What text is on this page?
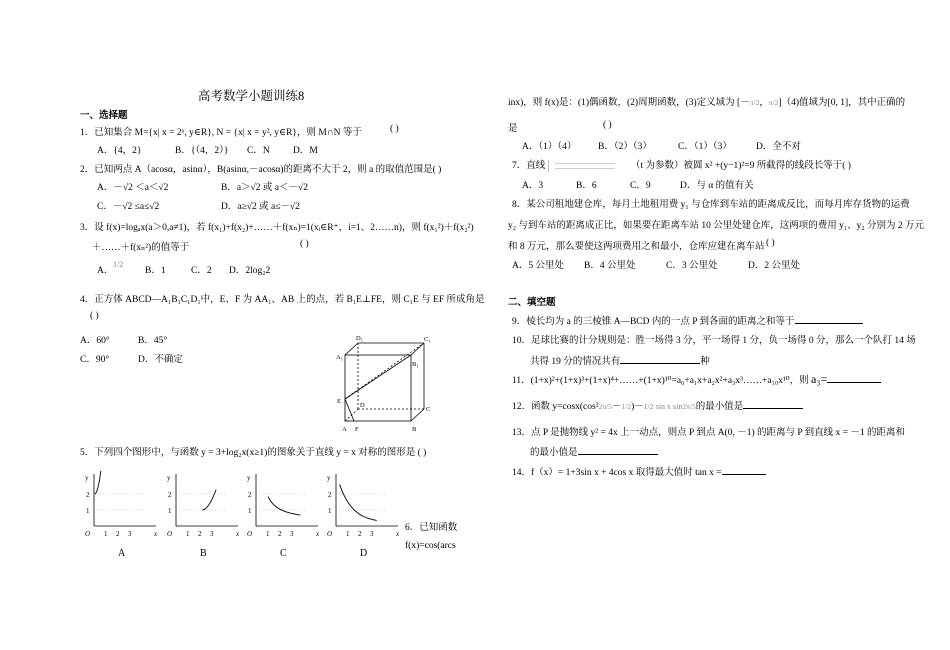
高考数学小题训练8
一、选择题
1．已知集合 M={x| x = 2ˣ, y∈R}, N = {x| x = y², y∈R}，则 M∩N 等于	( )
A．{4，2}	B．{（4，2）} C．N D．M
2．已知两点 A（acosα，asinα），B(asinα,－acosα)的距离不大于 2，则 a 的取值范围是( )
A．－√2 ＜a＜√2	B．a＞√2 或 a＜－√2
C．－√2 ≤a≤√2	D．a≥√2 或 a≤－√2
3．设 f(x)=logₐx(a＞0,a≠1)，若 f(x₁)+f(x₂)+……＋f(xₙ)=1(xᵢ∈R⁺，i=1、2……n)，则 f(x₁²)＋f(x₂²)
＋……＋f(xₙ²)的值等于	( )
A．
1/2
B．1	C．2 D．2log₂2
4．正方体 ABCD—A₁B₁C₁D₁中，E、F 为 AA₁、AB 上的点，若 B₁E⊥FE，则 C₁E 与 EF 所成角是
( )
A．60°	B．45°
C．90°	D．不确定
D₁	C₁
A₁
B₁
E
D
C
A F	B
5．下列四个图形中，与函数 y = 3+log₂x(x≥1)的图象关于直线 y = x 对称的图形是 ( )
y
x
O 1 2 3
1
2
A
y
x
O 1 2 3
1
2
B
y
x
O 1 2 3
1
2
C
y
x
O 1 2 3
1
2
D
6．已知函数
f(x)=cos(arcs
inx)，则 f(x)是：(1)偶函数，(2)周期函数，(3)定义域为 [－π/2，π/2]（4)值域为[0, 1]，其中正确的
是	( )
A．（1）（4） B．（2）（3）	C．（1）（3）	D．全不对
7．直线	（t 为参数）被圆 x² +(y−1)²=9 所截得的线段长等于( )
A．3	B．6	C．9	D．与 α 的值有关
8．某公司租地建仓库，每月土地租用费 y₁ 与仓库到车站的距离成反比，而每月库存货物的运费
y₂ 与到车站的距离成正比，如果要在距离车站 10 公里处建仓库，这两项的费用 y₁、y₂ 分别为 2 万元
和 8 万元，那么要使这两项费用之和最小，仓库应建在离车站 ( )
A．5 公里处 B．4 公里处	C．3 公里处	D．2 公里处
二、填空题
9．棱长均为 a 的三棱锥 A—BCD 内的一点 P 到各面的距离之和等于
10．足球比赛的计分规则是：胜一场得 3 分，平一场得 1 分，负一场得 0 分，那么一个队打 14 场
共得 19 分的情况共有	种
11．(1+x)²+(1+x)³+(1+x)⁴+……+(1+x)¹⁰=a₀+a₁x+a₂x²+a₃x³……+a₁₀x¹⁰，则 a₃=
12．函数 y=cosx(cos²2π/5－1/2)－1/2 sin x sin2π/5的最小值是
13．点 P 是抛物线 y² = 4x 上一动点，则点 P 到点 A(0, －1) 的距离与 P 到直线 x = －1 的距离和
的最小值是
14．f（x）= 1+3sin x + 4cos x 取得最大值时 tan x =
